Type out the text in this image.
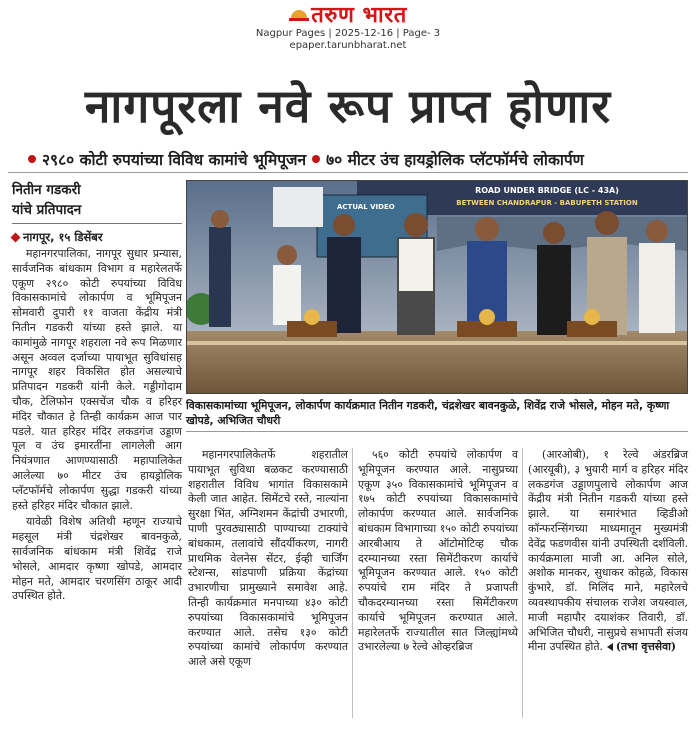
तरुण भारत
Nagpur Pages | 2025-12-16 | Page- 3
epaper.tarunbharat.net
नागपूरला नवे रूप प्राप्त होणार
२९८० कोटी रुपयांच्या विविध कामांचे भूमिपूजन ७० मीटर उंच हायड्रोलिक प्लॅटफॉर्मचे लोकार्पण
नितीन गडकरी
यांचे प्रतिपादन
नागपूर, १५ डिसेंबर

महानगरपालिका, नागपूर सुधार प्रन्यास, सार्वजनिक बांधकाम विभाग व महारेलतर्फे एकूण २९८० कोटी रुपयांच्या विविध विकासकामांचे लोकार्पण व भूमिपूजन सोमवारी दुपारी ११ वाजता केंद्रीय मंत्री नितीन गडकरी यांच्या हस्ते झाले. या कामांमुळे नागपूर शहराला नवे रूप मिळणार असून अव्वल दर्जाच्या पायाभूत सुविधांसह नागपूर शहर विकसित होत असल्याचे प्रतिपादन गडकरी यांनी केले. गड्डीगोदाम चौक, टेलिफोन एक्सचेंज चौक व हरिहर मंदिर चौकात हे तिन्ही कार्यक्रम आज पार पडले. यात हरिहर मंदिर लकडगंज उड्डाण पूल व उंच इमारतींना लागलेली आग नियंत्रणात आणण्यासाठी महापालिकेत आलेल्या ७० मीटर उंच हायड्रोलिक प्लॅटफॉर्मचे लोकार्पण सुद्धा गडकरी यांच्या हस्ते हरिहर मंदिर चौकात झाले.

यावेळी विशेष अतिथी म्हणून राज्याचे महसूल मंत्री चंद्रशेखर बावनकुळे, सार्वजनिक बांधकाम मंत्री शिवेंद्र राजे भोसले, आमदार कृष्णा खोपडे, आमदार मोहन मते, आमदार चरणसिंग ठाकूर आदी उपस्थित होते.

ROAD UNDER BRIDGE (LC - 43A)
BETWEEN CHANDRAPUR - BABUPETH STATION
ACTUAL VIDEO
विकासकामांच्या भूमिपूजन, लोकार्पण कार्यक्रमात नितीन गडकरी, चंद्रशेखर बावनकुळे, शिवेंद्र राजे भोसले, मोहन मते, कृष्णा खोपडे, अभिजित चौधरी

महानगरपालिकेतर्फे शहरातील पायाभूत सुविधा बळकट करण्यासाठी शहरातील विविध भागांत विकासकामे केली जात आहेत. सिमेंटचे रस्ते, नाल्यांना सुरक्षा भिंत, अग्निशमन केंद्रांची उभारणी, पाणी पुरवठ्यासाठी पाण्याच्या टाक्यांचे बांधकाम, तलावांचे सौंदर्यीकरण, नागरी प्राथमिक वेलनेस सेंटर, ईव्ही चार्जिंग स्टेशन्स, सांडपाणी प्रक्रिया केंद्रांच्या उभारणीचा प्रामुख्याने समावेश आहे. तिन्ही कार्यक्रमात मनपाच्या ४३० कोटी रुपयांच्या विकासकामांचे भूमिपूजन करण्यात आले. तसेच १३० कोटी रुपयांच्या कामांचे लोकार्पण करण्यात आले असे एकूण

५६० कोटी रुपयांचे लोकार्पण व भूमिपूजन करण्यात आले. नासुप्रच्या एकूण ३५० विकासकामांचे भूमिपूजन व १७५ कोटी रुपयांच्या विकासकामांचे लोकार्पण करण्यात आले. सार्वजनिक बांधकाम विभागाच्या १५० कोटी रुपयांच्या आरबीआय ते ऑटोमोटिव्ह चौक दरम्यानच्या रस्ता सिमेंटीकरण कार्याचे भूमिपूजन करण्यात आले. १५० कोटी रुपयांचे राम मंदिर ते प्रजापती चौकदरम्यानच्या रस्ता सिमेंटीकरण कार्याचे भूमिपूजन करण्यात आले. महारेलतर्फे राज्यातील सात जिल्ह्यांमध्ये उभारलेल्या ७ रेल्वे ओव्हरब्रिज

(आरओबी), १ रेल्वे अंडरब्रिज (आरयूबी), ३ भुयारी मार्ग व हरिहर मंदिर लकडगंज उड्डाणपुलाचे लोकार्पण आज केंद्रीय मंत्री नितीन गडकरी यांच्या हस्ते झाले. या समारंभात व्हिडीओ कॉन्फरन्सिंगच्या माध्यमातून मुख्यमंत्री देवेंद्र फडणवीस यांनी उपस्थिती दर्शविली. कार्यक्रमाला माजी आ. अनिल सोले, अशोक मानकर, सुधाकर कोहळे, विकास कुंभारे, डॉ. मिलिंद माने, महारेलचे व्यवस्थापकीय संचालक राजेश जयस्वाल, माजी महापौर दयाशंकर तिवारी, डॉ. अभिजित चौधरी, नासुप्रचे सभापती संजय मीना उपस्थित होते. (तभा वृत्तसेवा)
